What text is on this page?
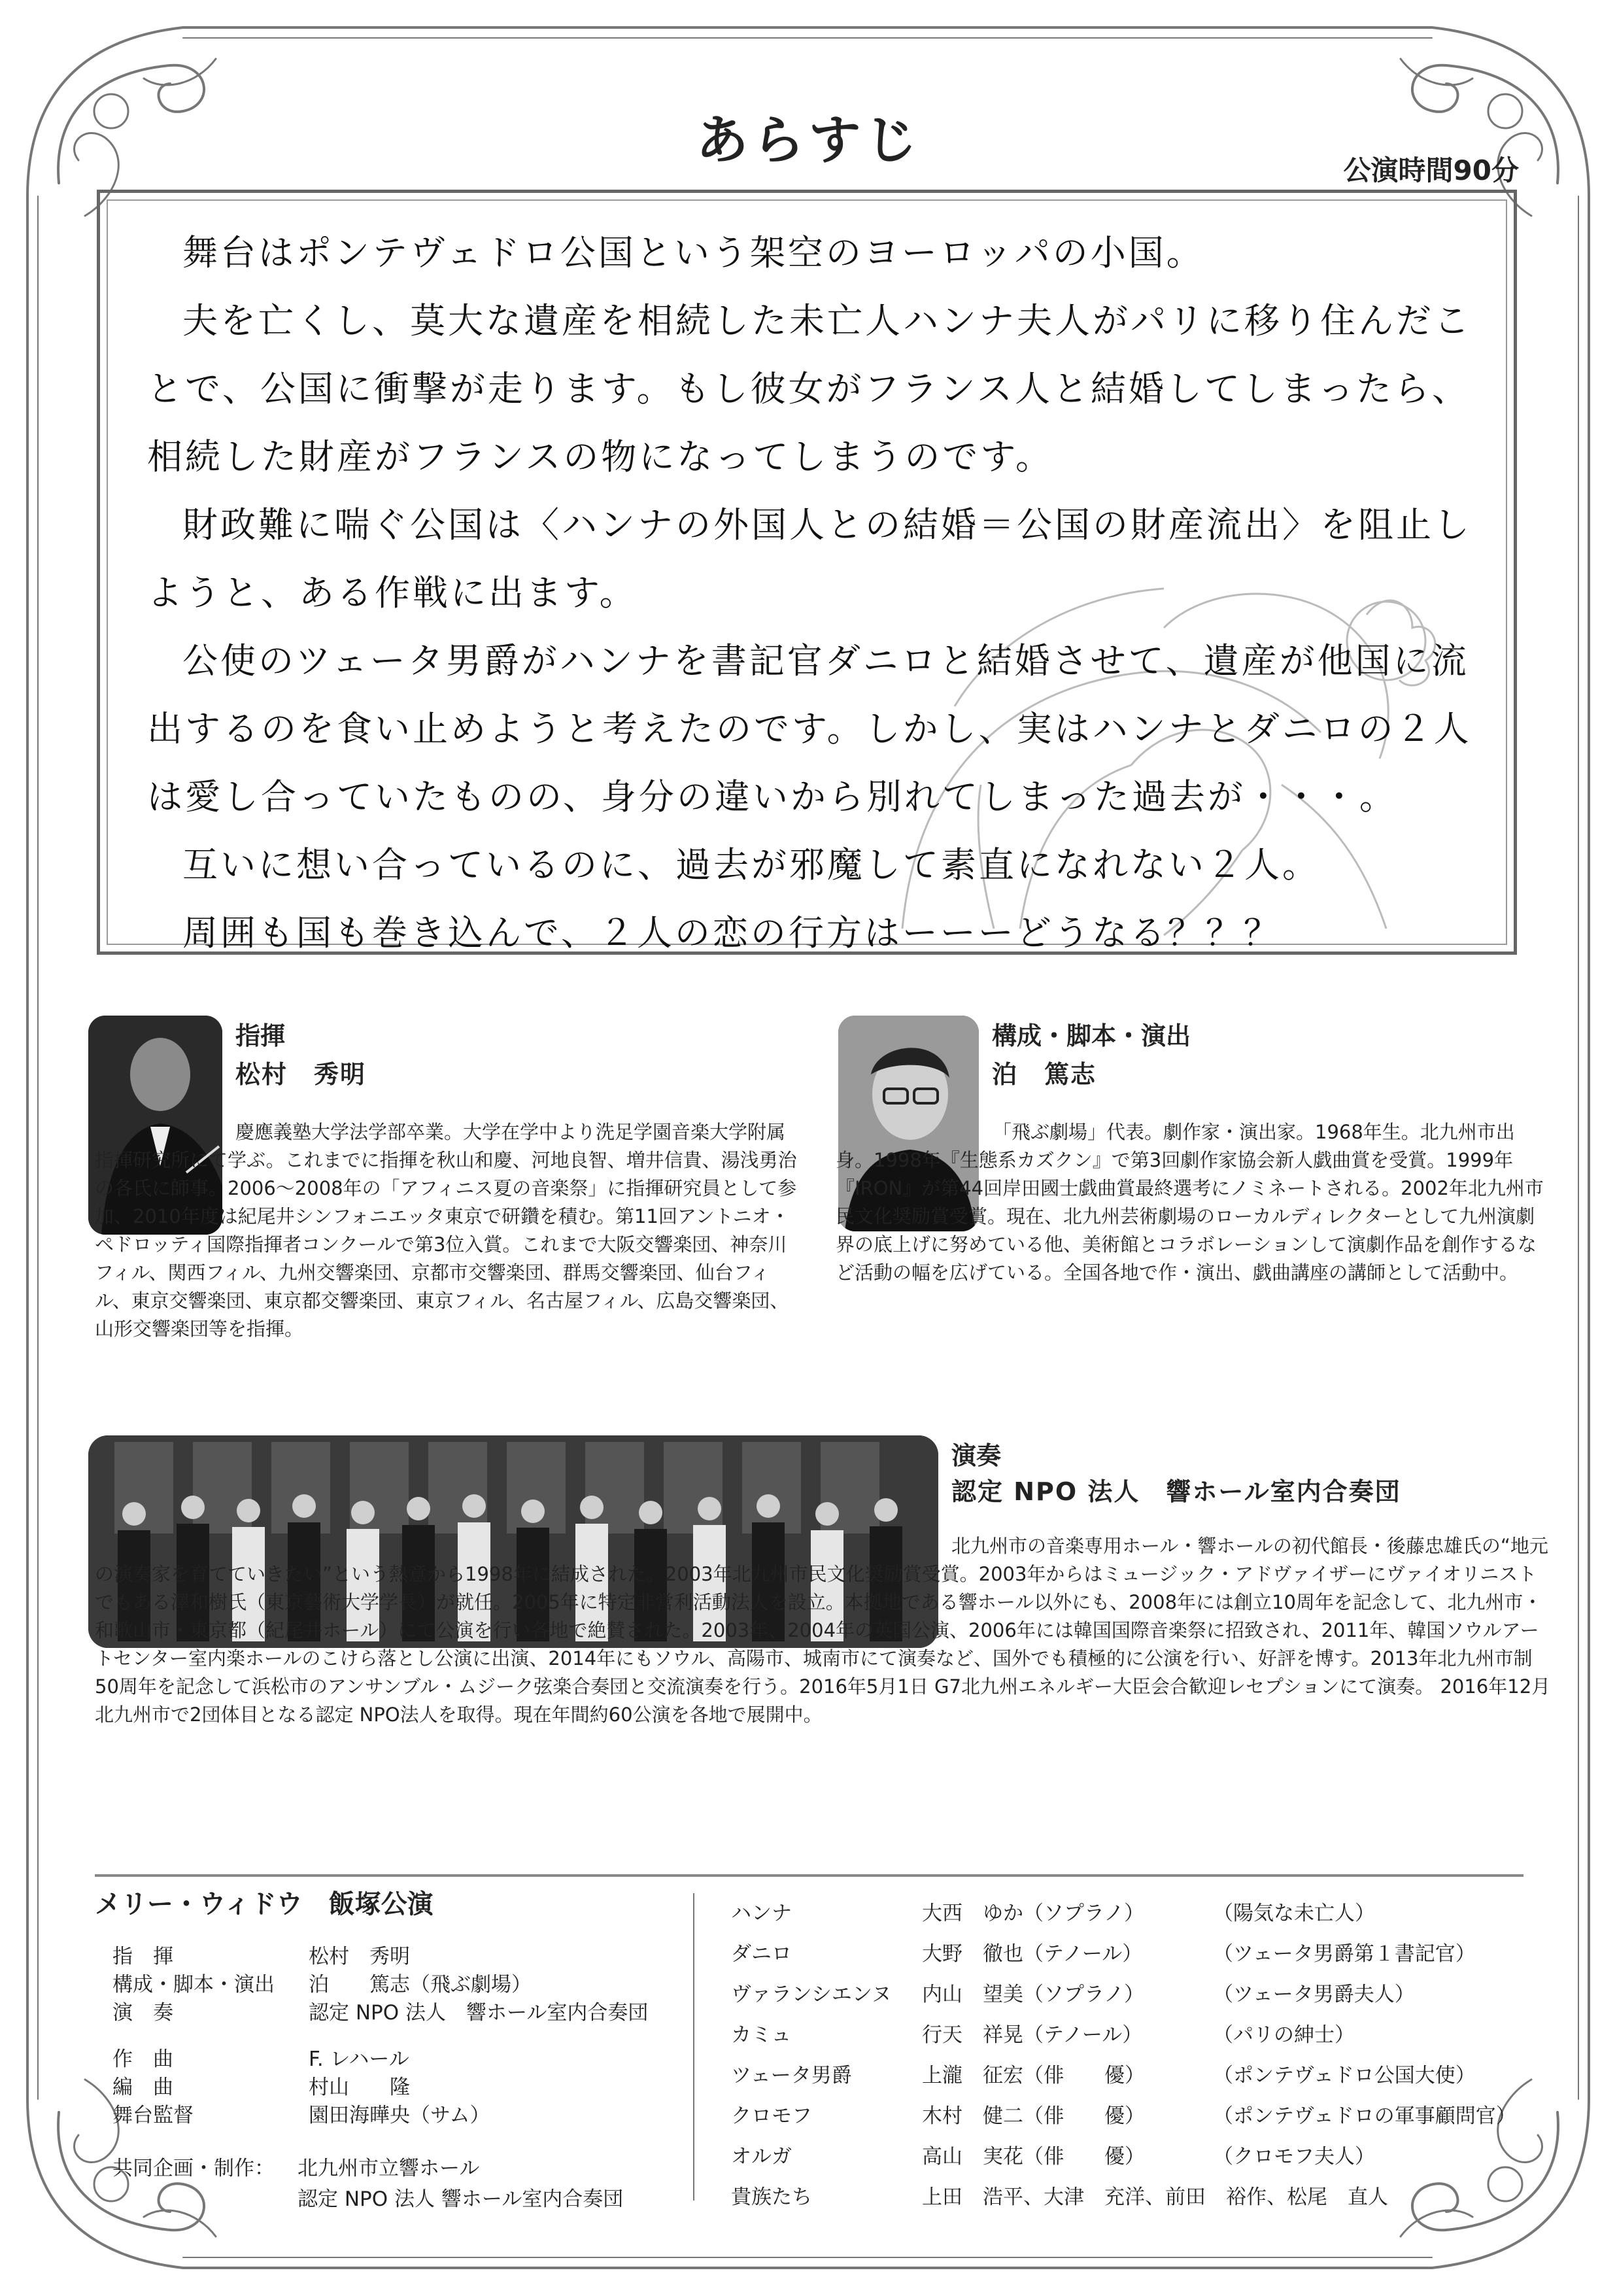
あらすじ	公演時間90分

舞台はポンテヴェドロ公国という架空のヨーロッパの小国。

夫を亡くし、莫大な遺産を相続した未亡人ハンナ夫人がパリに移り住んだことで、公国に衝撃が走ります。もし彼女がフランス人と結婚してしまったら、相続した財産がフランスの物になってしまうのです。

財政難に喘ぐ公国は〈ハンナの外国人との結婚＝公国の財産流出〉を阻止しようと、ある作戦に出ます。

公使のツェータ男爵がハンナを書記官ダニロと結婚させて、遺産が他国に流出するのを食い止めようと考えたのです。しかし、実はハンナとダニロの２人は愛し合っていたものの、身分の違いから別れてしまった過去が・・・。

互いに想い合っているのに、過去が邪魔して素直になれない２人。

周囲も国も巻き込んで、２人の恋の行方はーーーどうなる？？？

指揮
松村　秀明
慶應義塾大学法学部卒業。大学在学中より洗足学園音楽大学附属指揮研究所にて学ぶ。これまでに指揮を秋山和慶、河地良智、増井信貴、湯浅勇治の各氏に師事。2006～2008年の「アフィニス夏の音楽祭」に指揮研究員として参加、2010年度は紀尾井シンフォニエッタ東京で研鑽を積む。第11回アントニオ・ペドロッティ国際指揮者コンクールで第3位入賞。これまで大阪交響楽団、神奈川フィル、関西フィル、九州交響楽団、京都市交響楽団、群馬交響楽団、仙台フィル、東京交響楽団、東京都交響楽団、東京フィル、名古屋フィル、広島交響楽団、山形交響楽団等を指揮。
構成・脚本・演出
泊　篤志
「飛ぶ劇場」代表。劇作家・演出家。1968年生。北九州市出身。1998年『生態系カズクン』で第3回劇作家協会新人戯曲賞を受賞。1999年『IRON』が第44回岸田國士戯曲賞最終選考にノミネートされる。2002年北九州市民文化奨励賞受賞。現在、北九州芸術劇場のローカルディレクターとして九州演劇界の底上げに努めている他、美術館とコラボレーションして演劇作品を創作するなど活動の幅を広げている。全国各地で作・演出、戯曲講座の講師として活動中。
演奏
認定 NPO 法人　響ホール室内合奏団
北九州市の音楽専用ホール・響ホールの初代館長・後藤忠雄氏の“地元の演奏家を育てていきたい”という熱意から1998年に結成された。2003年北九州市民文化奨励賞受賞。2003年からはミュージック・アドヴァイザーにヴァイオリニストでもある澤和樹氏（東京藝術大学学長）が就任。2005年に特定非営利活動法人を設立。本拠地である響ホール以外にも、2008年には創立10周年を記念して、北九州市・和歌山市・東京都（紀尾井ホール）にて公演を行い各地で絶賛された。2003年、2004年の英国公演、2006年には韓国国際音楽祭に招致され、2011年、韓国ソウルアートセンター室内楽ホールのこけら落とし公演に出演、2014年にもソウル、高陽市、城南市にて演奏など、国外でも積極的に公演を行い、好評を博す。2013年北九州市制50周年を記念して浜松市のアンサンブル・ムジーク弦楽合奏団と交流演奏を行う。2016年5月1日 G7北九州エネルギー大臣会合歓迎レセプションにて演奏。 2016年12月北九州市で2団体目となる認定 NPO法人を取得。現在年間約60公演を各地で展開中。
メリー・ウィドウ　飯塚公演
指　揮	松村　秀明
構成・脚本・演出 泊　　篤志（飛ぶ劇場）
演　奏	認定 NPO 法人　響ホール室内合奏団
作　曲	F. レハール
編　曲	村山　　隆
舞台監督	園田海曄央（サム）
共同企画・制作： 北九州市立響ホール
認定 NPO 法人 響ホール室内合奏団
ハンナ	大西　ゆか（ソプラノ）	（陽気な未亡人）
ダニロ	大野　徹也（テノール）	（ツェータ男爵第１書記官）
ヴァランシエンヌ 内山　望美（ソプラノ）	（ツェータ男爵夫人）
カミュ	行天　祥晃（テノール）	（パリの紳士）
ツェータ男爵	上瀧　征宏（俳　　優）	（ポンテヴェドロ公国大使）
クロモフ	木村　健二（俳　　優）	（ポンテヴェドロの軍事顧問官）
オルガ	高山　実花（俳　　優）	（クロモフ夫人）
貴族たち	上田　浩平、大津　充洋、前田　裕作、松尾　直人
